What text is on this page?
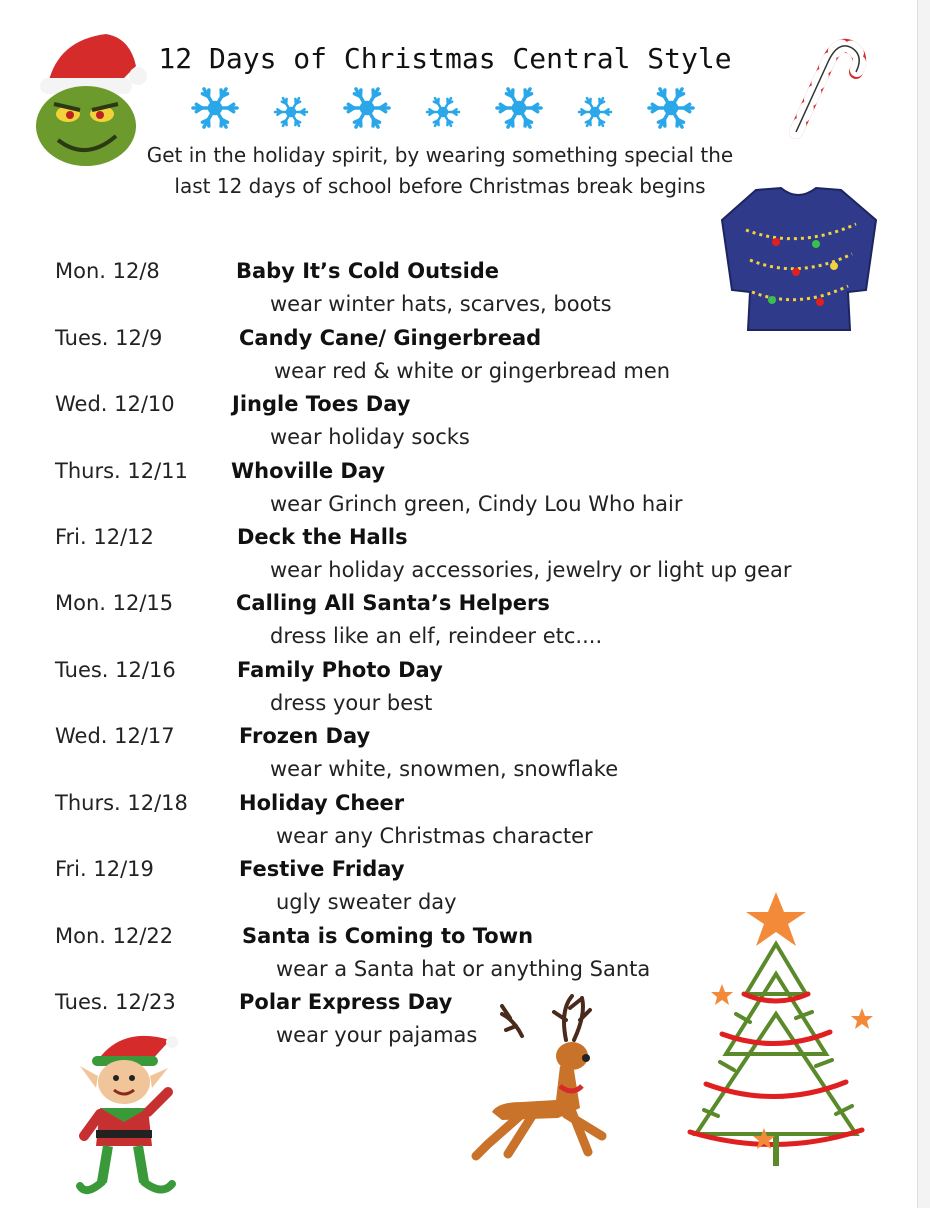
12 Days of Christmas Central Style
Get in the holiday spirit, by wearing something special the
last 12 days of school before Christmas break begins
Mon. 12/8	Baby It’s Cold Outside
wear winter hats, scarves, boots
Tues. 12/9	Candy Cane/ Gingerbread
wear red & white or gingerbread men
Wed. 12/10	Jingle Toes Day
wear holiday socks
Thurs. 12/11 Whoville Day
wear Grinch green, Cindy Lou Who hair
Fri. 12/12	Deck the Halls
wear holiday accessories, jewelry or light up gear
Mon. 12/15	Calling All Santa’s Helpers
dress like an elf, reindeer etc....
Tues. 12/16	Family Photo Day
dress your best
Wed. 12/17	Frozen Day
wear white, snowmen, snowflake
Thurs. 12/18 Holiday Cheer
wear any Christmas character
Fri. 12/19	Festive Friday
ugly sweater day
Mon. 12/22	Santa is Coming to Town
wear a Santa hat or anything Santa
Tues. 12/23	Polar Express Day
wear your pajamas
